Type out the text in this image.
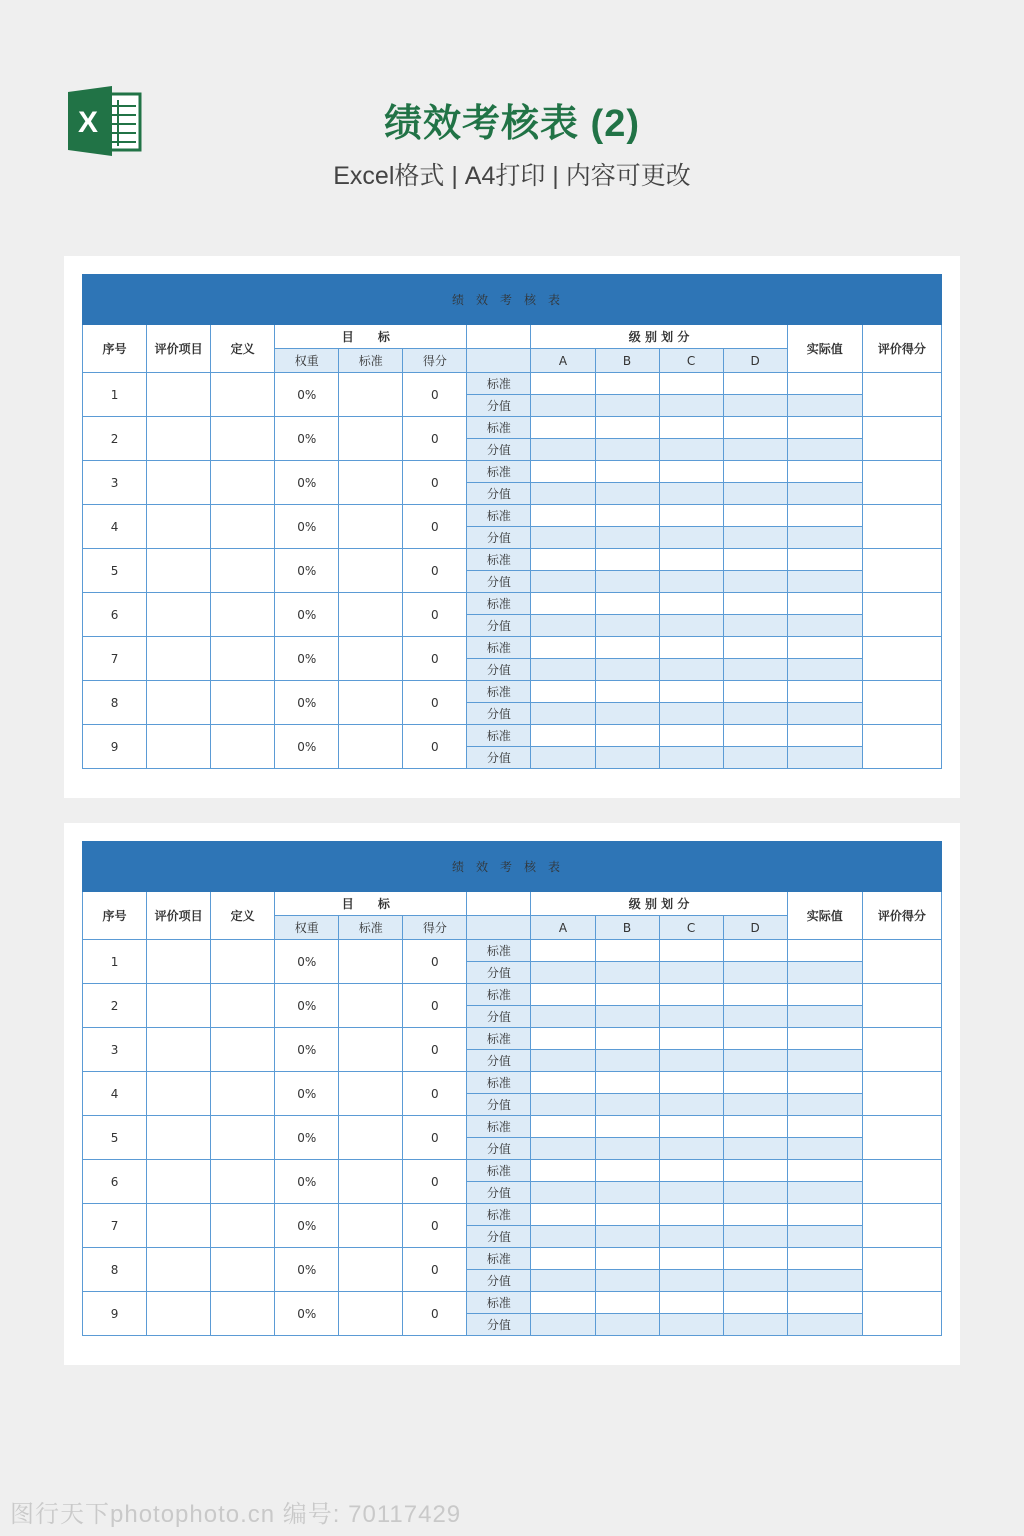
X	绩效考核表 (2)
Excel格式 | A4打印 | 内容可更改
绩效考核表												
序号	评价项目	定义	目 标				级 别 划 分				实际值	评价得分
			权重	标准	得分		A	B	C	D		
1			0%		0	标准						
						分值						
2			0%		0	标准						
						分值						
3			0%		0	标准						
						分值						
4			0%		0	标准						
						分值						
5			0%		0	标准						
						分值						
6			0%		0	标准						
						分值						
7			0%		0	标准						
						分值						
8			0%		0	标准						
						分值						
9			0%		0	标准						
						分值						
绩效考核表												
序号	评价项目	定义	目 标				级 别 划 分				实际值	评价得分
			权重	标准	得分		A	B	C	D		
1			0%		0	标准						
						分值						
2			0%		0	标准						
						分值						
3			0%		0	标准						
						分值						
4			0%		0	标准						
						分值						
5			0%		0	标准						
						分值						
6			0%		0	标准						
						分值						
7			0%		0	标准						
						分值						
8			0%		0	标准						
						分值						
9			0%		0	标准						
						分值						
图行天下photophoto.cn 编号: 70117429
